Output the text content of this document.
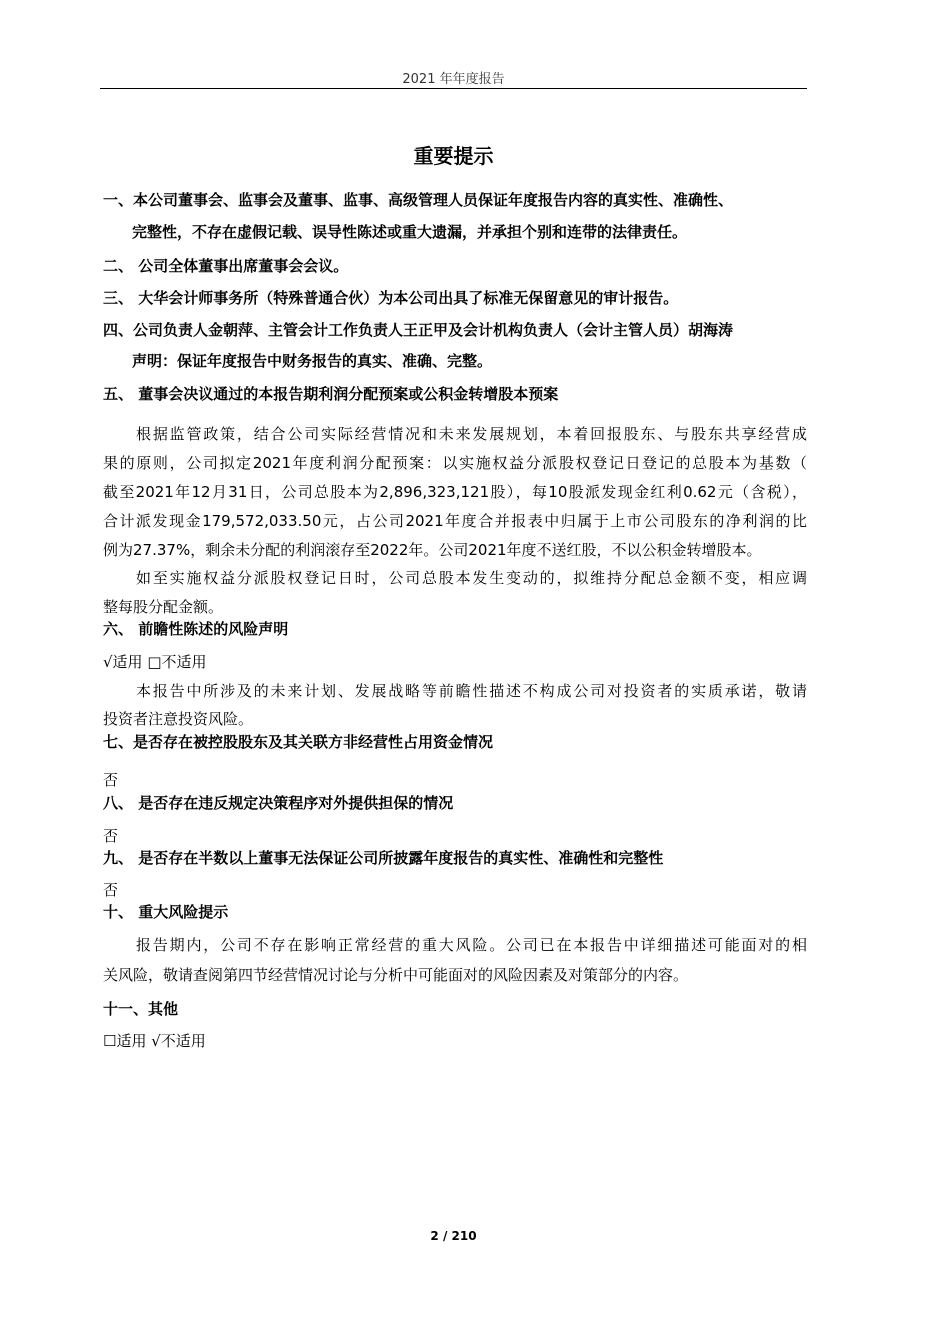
2021 年年度报告
重要提示
一、本公司董事会、监事会及董事、监事、高级管理人员保证年度报告内容的真实性、准确性、
完整性，不存在虚假记载、误导性陈述或重大遗漏，并承担个别和连带的法律责任。
二、 公司全体董事出席董事会会议。
三、 大华会计师事务所（特殊普通合伙）为本公司出具了标准无保留意见的审计报告。
四、公司负责人金朝萍、主管会计工作负责人王正甲及会计机构负责人（会计主管人员）胡海涛
声明：保证年度报告中财务报告的真实、准确、完整。
五、 董事会决议通过的本报告期利润分配预案或公积金转增股本预案
根据监管政策，结合公司实际经营情况和未来发展规划，本着回报股东、与股东共享经营成
果的原则，公司拟定2021年度利润分配预案：以实施权益分派股权登记日登记的总股本为基数（
截至2021年12月31日，公司总股本为2,896,323,121股），每10股派发现金红利0.62元（含税），
合计派发现金179,572,033.50元，占公司2021年度合并报表中归属于上市公司股东的净利润的比
例为27.37%，剩余未分配的利润滚存至2022年。公司2021年度不送红股，不以公积金转增股本。
如至实施权益分派股权登记日时，公司总股本发生变动的，拟维持分配总金额不变，相应调
整每股分配金额。
六、 前瞻性陈述的风险声明
√适用 □不适用
本报告中所涉及的未来计划、发展战略等前瞻性描述不构成公司对投资者的实质承诺，敬请
投资者注意投资风险。
七、是否存在被控股股东及其关联方非经营性占用资金情况
否
八、 是否存在违反规定决策程序对外提供担保的情况
否
九、 是否存在半数以上董事无法保证公司所披露年度报告的真实性、准确性和完整性
否
十、 重大风险提示
报告期内，公司不存在影响正常经营的重大风险。公司已在本报告中详细描述可能面对的相
关风险，敬请查阅第四节经营情况讨论与分析中可能面对的风险因素及对策部分的内容。
十一、其他
☐适用 √不适用
2 / 210
